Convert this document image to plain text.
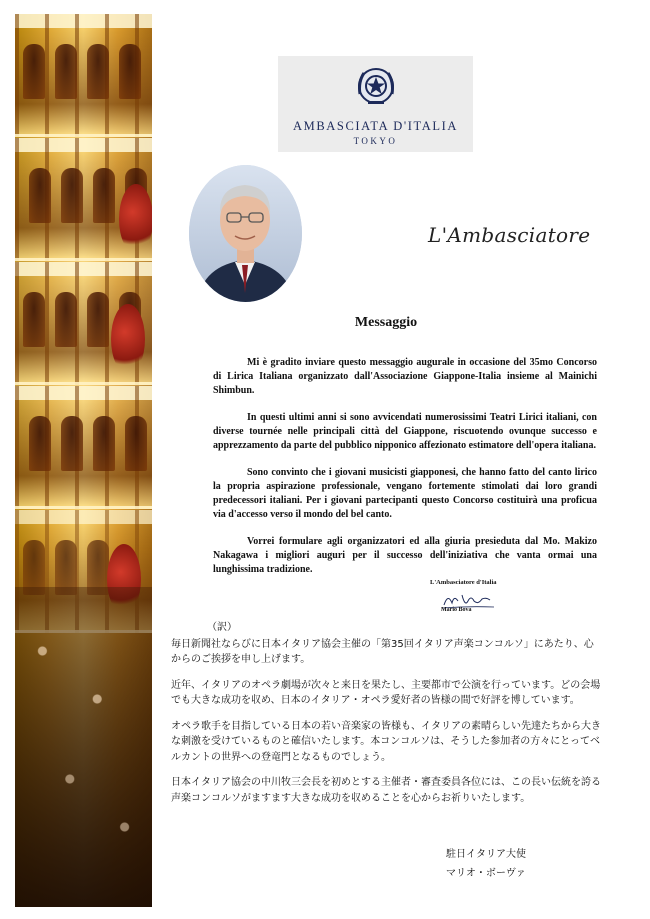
AMBASCIATA D'ITALIA
TOKYO
L'Ambasciatore
Messaggio

Mi è gradito inviare questo messaggio augurale in occasione del 35mo Concorso di Lirica Italiana organizzato dall'Associazione Giappone-Italia insieme al Mainichi Shimbun.

In questi ultimi anni si sono avvicendati numerosissimi Teatri Lirici italiani, con diverse tournée nelle principali città del Giappone, riscuotendo ovunque successo e apprezzamento da parte del pubblico nipponico affezionato estimatore dell'opera italiana.

Sono convinto che i giovani musicisti giapponesi, che hanno fatto del canto lirico la propria aspirazione professionale, vengano fortemente stimolati dai loro grandi predecessori italiani. Per i giovani partecipanti questo Concorso costituirà una proficua via d'accesso verso il mondo del bel canto.

Vorrei formulare agli organizzatori ed alla giuria presieduta dal Mo. Makizo Nakagawa i migliori auguri per il successo dell'iniziativa che vanta ormai una lunghissima tradizione.

L'Ambasciatore d'Italia
Mario Bova

（訳）

毎日新聞社ならびに日本イタリア協会主催の「第35回イタリア声楽コンコルソ」にあたり、心からのご挨拶を申し上げます。

近年、イタリアのオペラ劇場が次々と来日を果たし、主要都市で公演を行っています。どの会場でも大きな成功を収め、日本のイタリア・オペラ愛好者の皆様の間で好評を博しています。

オペラ歌手を目指している日本の若い音楽家の皆様も、イタリアの素晴らしい先達たちから大きな刺激を受けているものと確信いたします。本コンコルソは、そうした参加者の方々にとってベルカントの世界への登竜門となるものでしょう。

日本イタリア協会の中川牧三会長を初めとする主催者・審査委員各位には、この長い伝統を誇る声楽コンコルソがますます大きな成功を収めることを心からお祈りいたします。

駐日イタリア大使
マリオ・ボーヴァ
